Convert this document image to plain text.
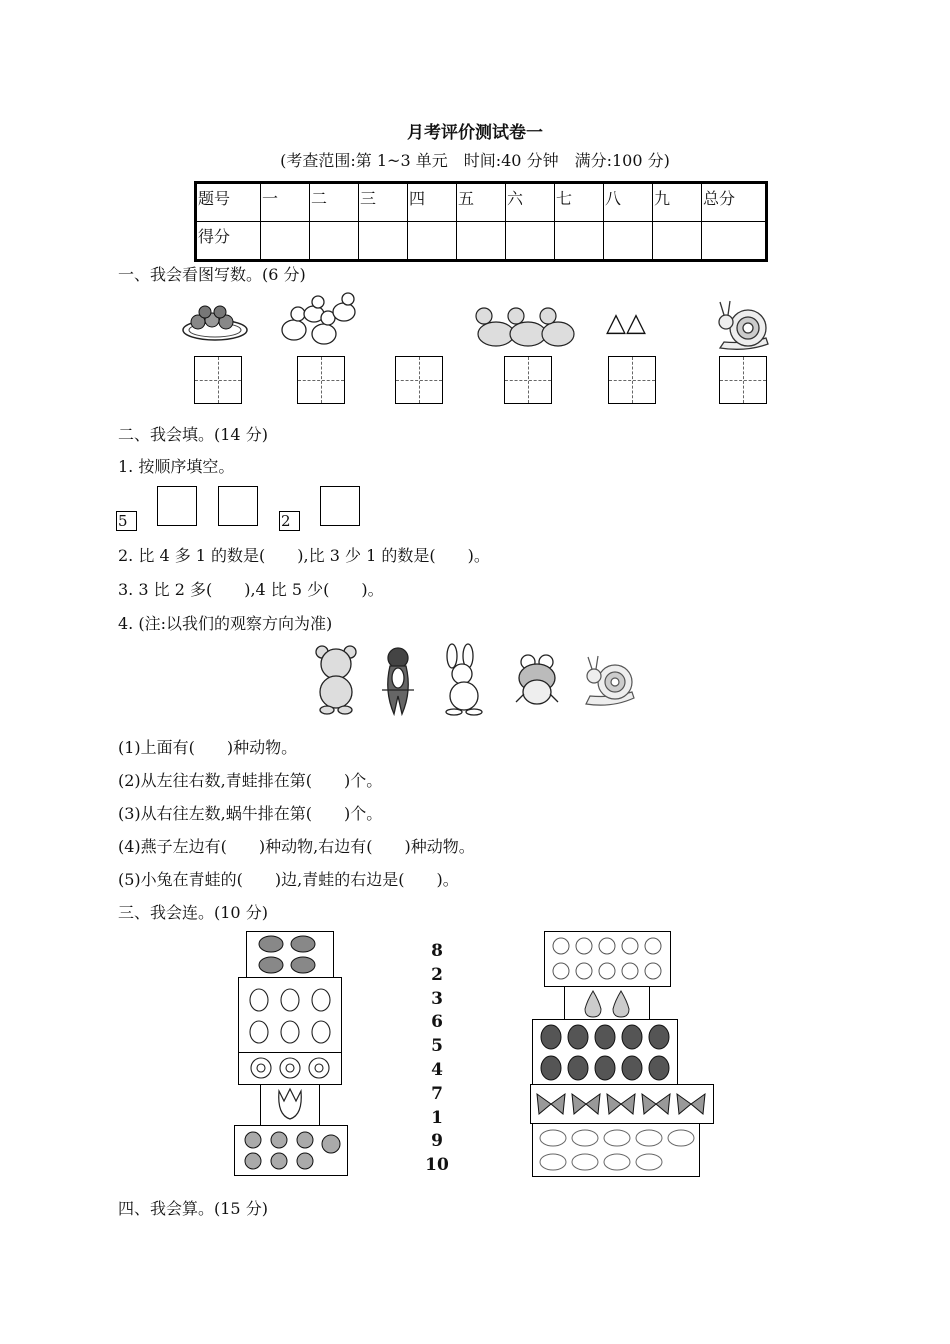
月考评价测试卷一
(考查范围:第 1~3 单元　时间:40 分钟　满分:100 分)
题号	一	二	三	四	五	六	七	八	九	总分
得分										
一、我会看图写数。(6 分)
△△
二、我会填。(14 分)
1. 按顺序填空。
5	2
2. 比 4 多 1 的数是(　　),比 3 少 1 的数是(　　)。
3. 3 比 2 多(　　),4 比 5 少(　　)。
4. (注:以我们的观察方向为准)
(1)上面有(　　)种动物。
(2)从左往右数,青蛙排在第(　　)个。
(3)从右往左数,蜗牛排在第(　　)个。
(4)燕子左边有(　　)种动物,右边有(　　)种动物。
(5)小兔在青蛙的(　　)边,青蛙的右边是(　　)。
三、我会连。(10 分)
8
2
3
6
5
4
7
1
9
10
四、我会算。(15 分)
